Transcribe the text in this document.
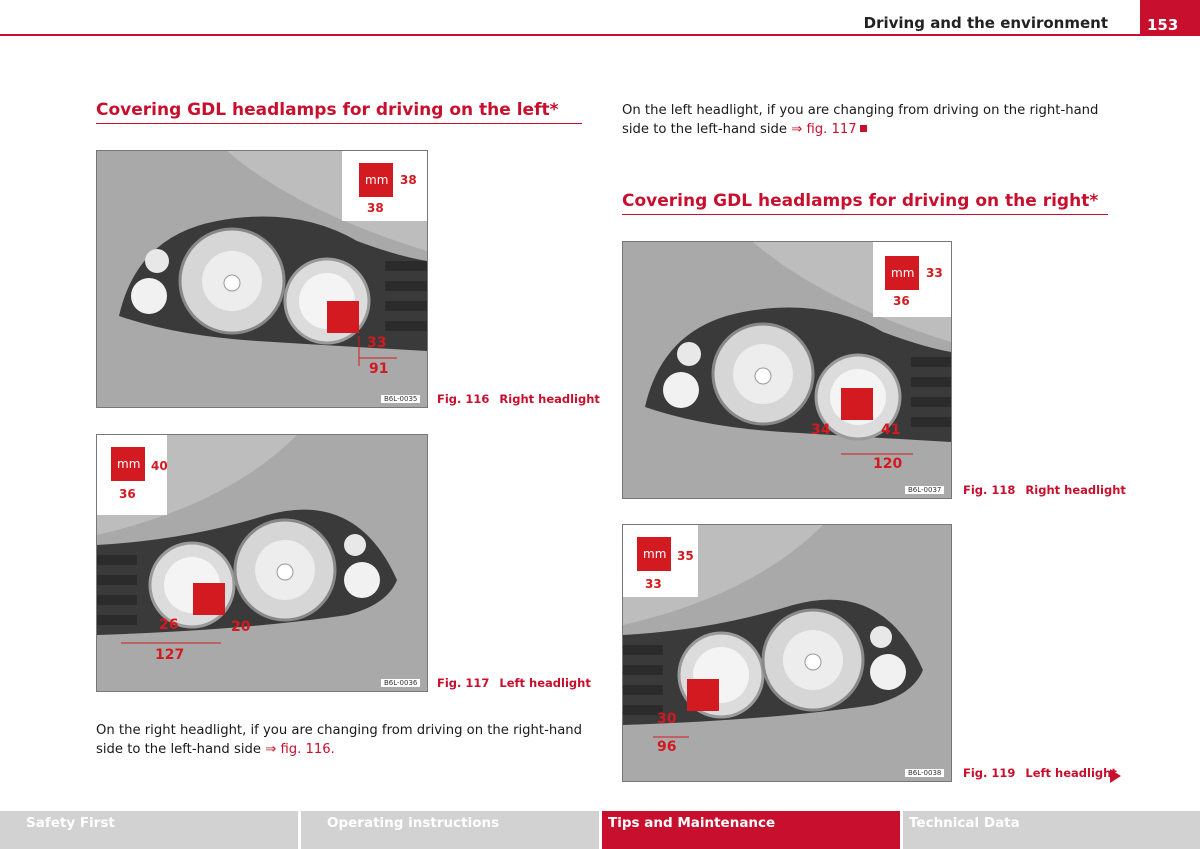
Driving and the environment	153
Covering GDL headlamps for driving on the left*
mm 38
38
33
91
B6L-0035 Fig. 116 Right headlight
mm 40
36
26	20
127
B6L-0036 Fig. 117 Left headlight

On the right headlight, if you are changing from driving on the right-hand side to the left-hand side ⇒ fig. 116.

On the left headlight, if you are changing from driving on the right-hand side to the left-hand side ⇒ fig. 117

Covering GDL headlamps for driving on the right*
mm 33
36
34	41
120
B6L-0037 Fig. 118 Right headlight
mm 35
33
30
96
B6L-0038 Fig. 119 Left headlight
Safety First	Operating instructions	Tips and Maintenance	Technical Data
